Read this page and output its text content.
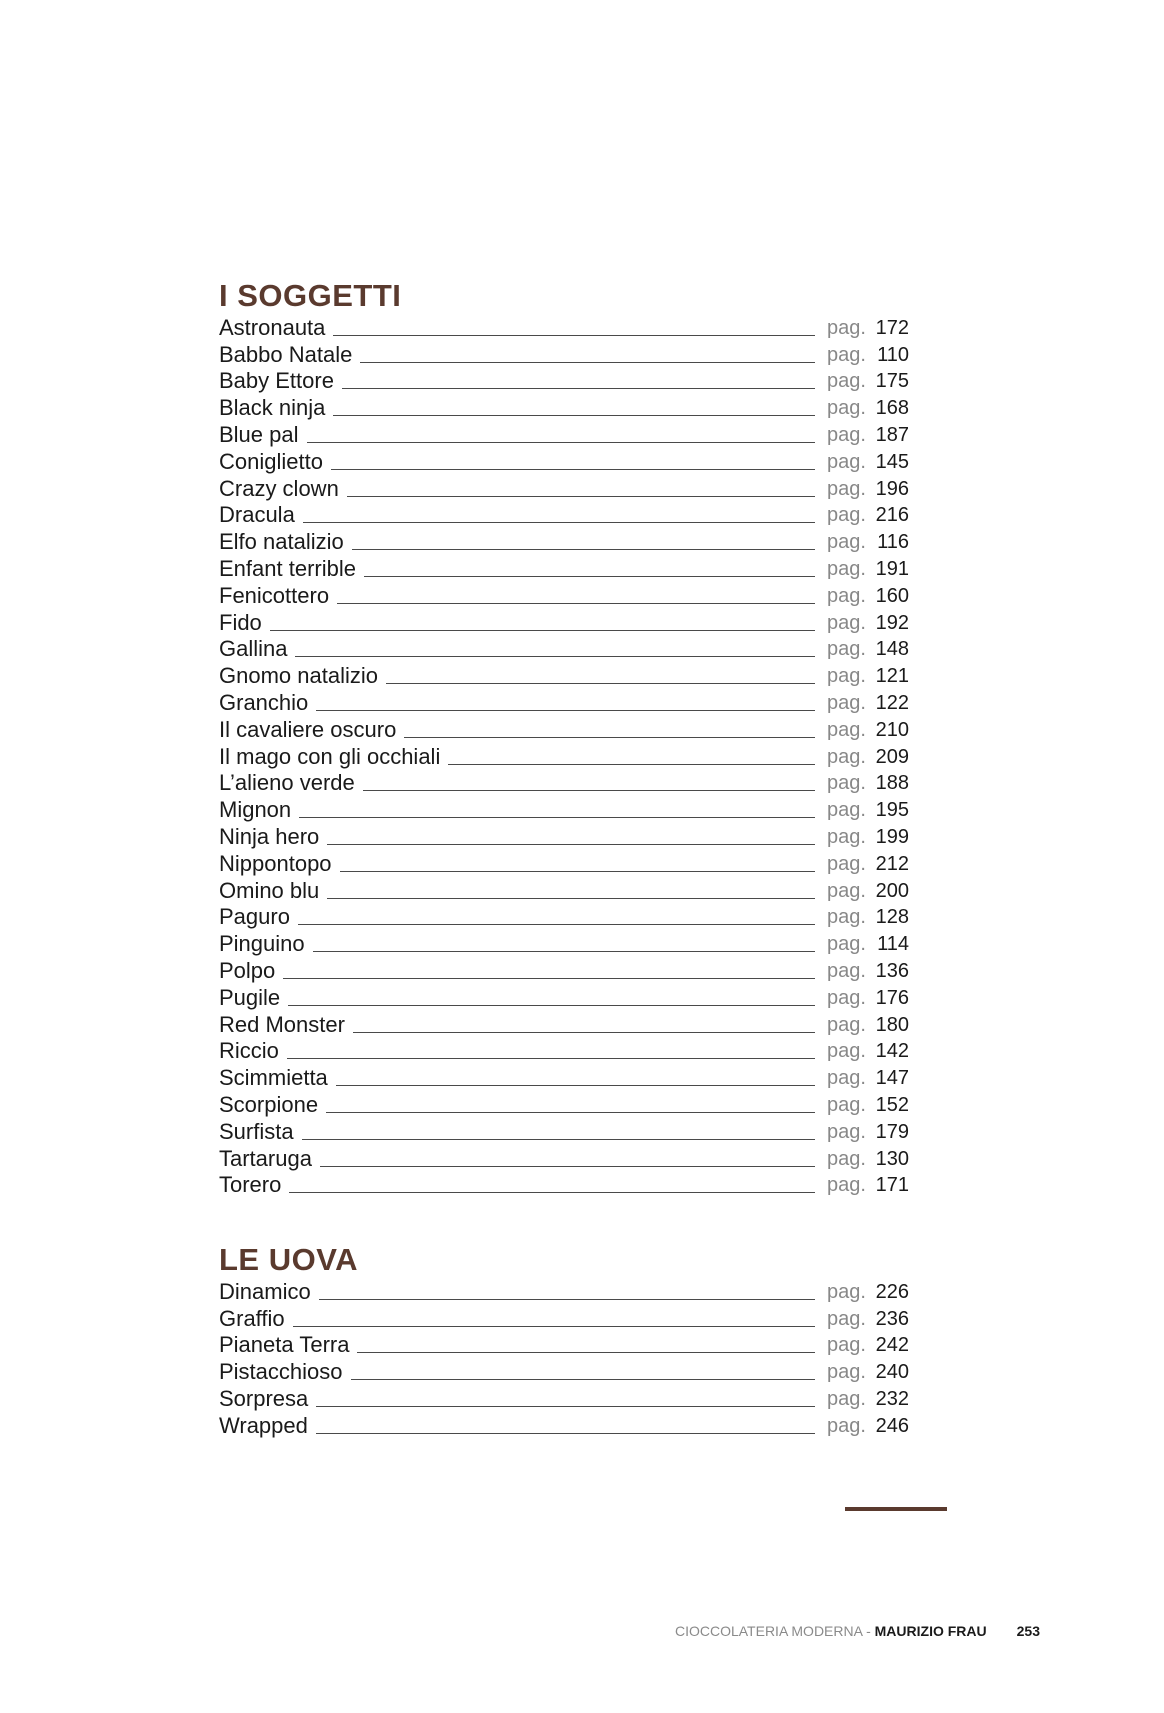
I SOGGETTI
Astronauta	pag. 172
Babbo Natale	pag. 110
Baby Ettore	pag. 175
Black ninja	pag. 168
Blue pal	pag. 187
Coniglietto	pag. 145
Crazy clown	pag. 196
Dracula	pag. 216
Elfo natalizio	pag. 116
Enfant terrible	pag. 191
Fenicottero	pag. 160
Fido	pag. 192
Gallina	pag. 148
Gnomo natalizio	pag. 121
Granchio	pag. 122
Il cavaliere oscuro	pag. 210
Il mago con gli occhiali	pag. 209
L’alieno verde	pag. 188
Mignon	pag. 195
Ninja hero	pag. 199
Nippontopo	pag. 212
Omino blu	pag. 200
Paguro	pag. 128
Pinguino	pag. 114
Polpo	pag. 136
Pugile	pag. 176
Red Monster	pag. 180
Riccio	pag. 142
Scimmietta	pag. 147
Scorpione	pag. 152
Surfista	pag. 179
Tartaruga	pag. 130
Torero	pag. 171
LE UOVA
Dinamico	pag. 226
Graffio	pag. 236
Pianeta Terra	pag. 242
Pistacchioso	pag. 240
Sorpresa	pag. 232
Wrapped	pag. 246
CIOCCOLATERIA MODERNA - MAURIZIO FRAU 253
